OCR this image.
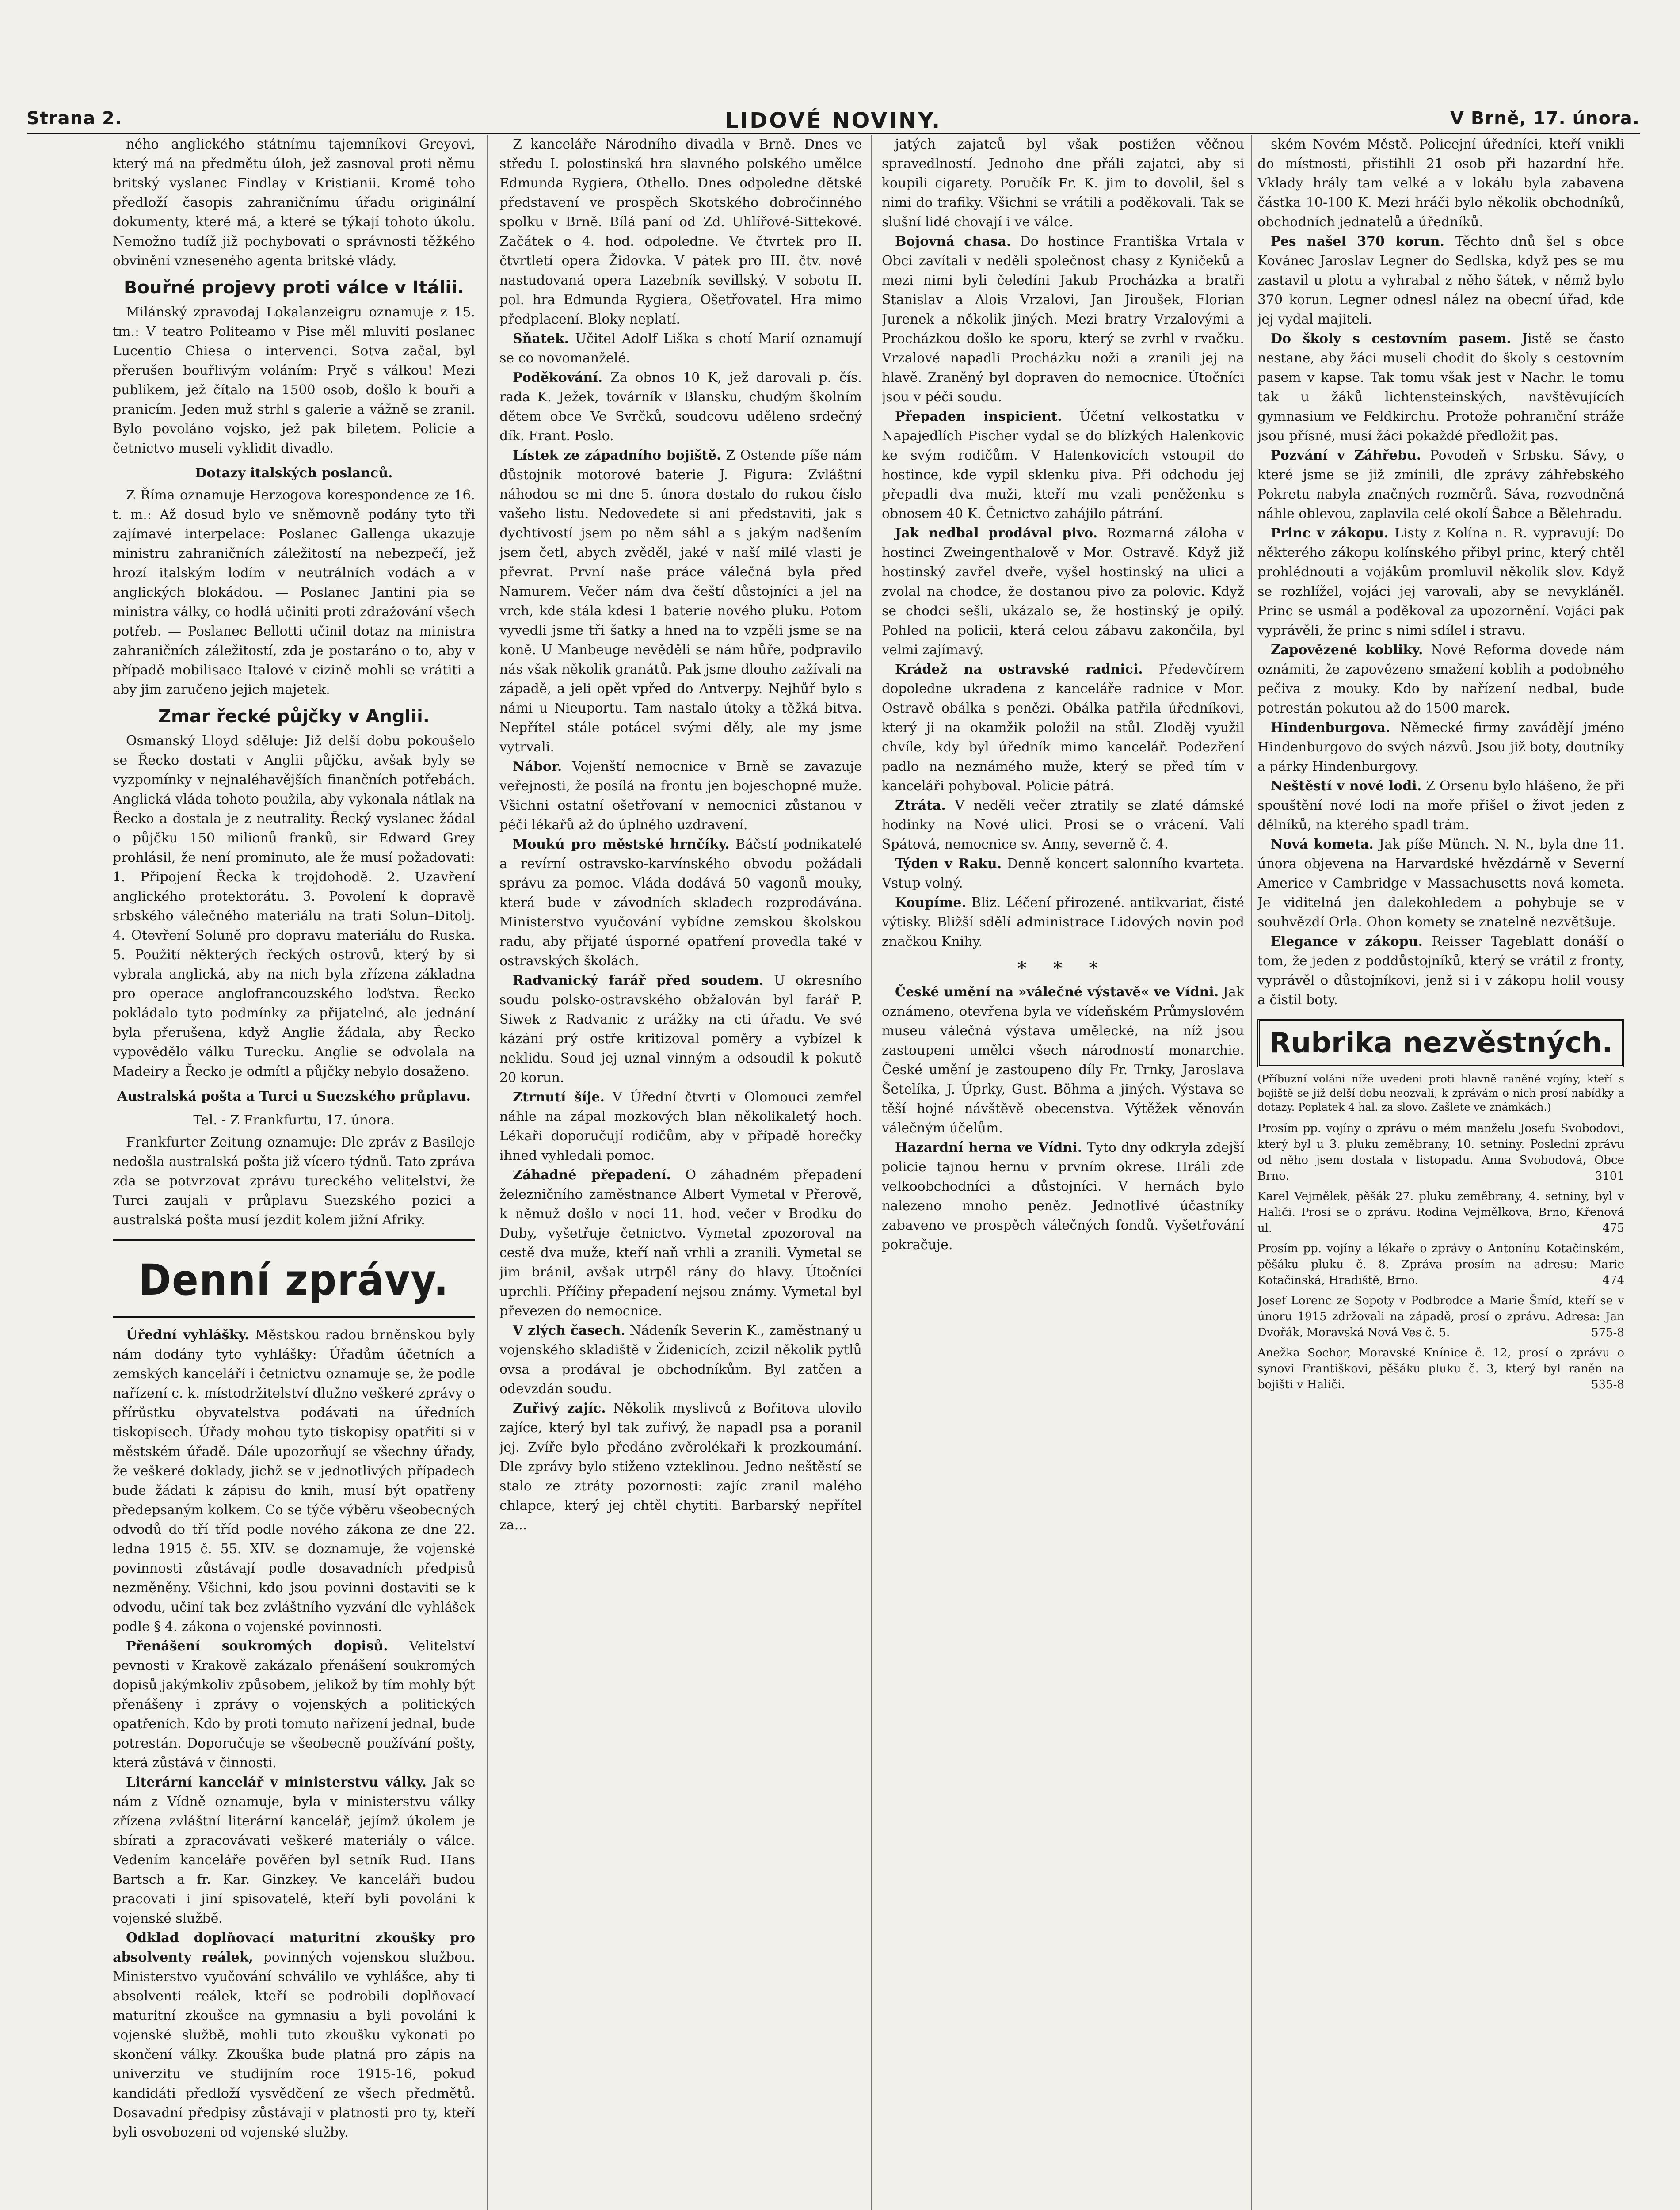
LIDOVÉ NOVINY.
Strana 2.	V Brně, 17. února.

ného anglického státnímu tajemníkovi Greyovi, který má na předmětu úloh, jež zasnoval proti němu britský vyslanec Findlay v Kristianii. Kromě toho předloží časopis zahraničnímu úřadu originální dokumenty, které má, a které se týkají tohoto úkolu. Nemožno tudíž již pochybovati o správnosti těžkého obvinění vzneseného agenta britské vlády.

Bouřné projevy proti válce v Itálii.

Milánský zpravodaj Lokalanzeigru oznamuje z 15. tm.: V teatro Politeamo v Pise měl mluviti poslanec Lucentio Chiesa o intervenci. Sotva začal, byl přerušen bouřlivým voláním: Pryč s válkou! Mezi publikem, jež čítalo na 1500 osob, došlo k bouři a pranicím. Jeden muž strhl s galerie a vážně se zranil. Bylo povoláno vojsko, jež pak biletem. Policie a četnictvo museli vyklidit divadlo.

Dotazy italských poslanců.

Z Říma oznamuje Herzogova korespondence ze 16. t. m.: Až dosud bylo ve sněmovně podány tyto tři zajímavé interpelace: Poslanec Gallenga ukazuje ministru zahraničních záležitostí na nebezpečí, jež hrozí italským lodím v neutrálních vodách a v anglických blokádou. — Poslanec Jantini pia se ministra války, co hodlá učiniti proti zdražování všech potřeb. — Poslanec Bellotti učinil dotaz na ministra zahraničních záležitostí, zda je postaráno o to, aby v případě mobilisace Italové v cizině mohli se vrátiti a aby jim zaručeno jejich majetek.

Zmar řecké půjčky v Anglii.

Osmanský Lloyd sděluje: Již delší dobu pokoušelo se Řecko dostati v Anglii půjčku, avšak byly se vyzpomínky v nejnaléhavějších finančních potřebách. Anglická vláda tohoto použila, aby vykonala nátlak na Řecko a dostala je z neutrality. Řecký vyslanec žádal o půjčku 150 milionů franků, sir Edward Grey prohlásil, že není prominuto, ale že musí požadovati: 1. Připojení Řecka k trojdohodě. 2. Uzavření anglického protektorátu. 3. Povolení k dopravě srbského válečného materiálu na trati Solun–Ditolj. 4. Otevření Soluně pro dopravu materiálu do Ruska. 5. Použití některých řeckých ostrovů, který by si vybrala anglická, aby na nich byla zřízena základna pro operace anglofrancouzského loďstva. Řecko pokládalo tyto podmínky za přijatelné, ale jednání byla přerušena, když Anglie žádala, aby Řecko vypovědělo válku Turecku. Anglie se odvolala na Madeiry a Řecko je odmítl a půjčky nebylo dosaženo.

Australská pošta a Turci u Suezského průplavu.
Tel. - Z Frankfurtu, 17. února.

Frankfurter Zeitung oznamuje: Dle zpráv z Basileje nedošla australská pošta již vícero týdnů. Tato zpráva zda se potvrzovat zprávu tureckého velitelství, že Turci zaujali v průplavu Suezského pozici a australská pošta musí jezdit kolem jižní Afriky.

Denní zprávy.

Úřední vyhlášky. Městskou radou brněnskou byly nám dodány tyto vyhlášky: Úřadům účetních a zemských kanceláří i četnictvu oznamuje se, že podle nařízení c. k. místodržitelství dlužno veškeré zprávy o přírůstku obyvatelstva podávati na úředních tiskopisech. Úřady mohou tyto tiskopisy opatřiti si v městském úřadě. Dále upozorňují se všechny úřady, že veškeré doklady, jichž se v jednotlivých případech bude žádati k zápisu do knih, musí být opatřeny předepsaným kolkem. Co se týče výběru všeobecných odvodů do tří tříd podle nového zákona ze dne 22. ledna 1915 č. 55. XIV. se doznamuje, že vojenské povinnosti zůstávají podle dosavadních předpisů nezměněny. Všichni, kdo jsou povinni dostaviti se k odvodu, učiní tak bez zvláštního vyzvání dle vyhlášek podle § 4. zákona o vojenské povinnosti.

Přenášení soukromých dopisů. Velitelství pevnosti v Krakově zakázalo přenášení soukromých dopisů jakýmkoliv způsobem, jelikož by tím mohly být přenášeny i zprávy o vojenských a politických opatřeních. Kdo by proti tomuto nařízení jednal, bude potrestán. Doporučuje se všeobecně používání pošty, která zůstává v činnosti.

Literární kancelář v ministerstvu války. Jak se nám z Vídně oznamuje, byla v ministerstvu války zřízena zvláštní literární kancelář, jejímž úkolem je sbírati a zpracovávati veškeré materiály o válce. Vedením kanceláře pověřen byl setník Rud. Hans Bartsch a fr. Kar. Ginzkey. Ve kanceláři budou pracovati i jiní spisovatelé, kteří byli povoláni k vojenské službě.

Odklad doplňovací maturitní zkoušky pro absolventy reálek, povinných vojenskou službou. Ministerstvo vyučování schválilo ve vyhlášce, aby ti absolventi reálek, kteří se podrobili doplňovací maturitní zkoušce na gymnasiu a byli povoláni k vojenské službě, mohli tuto zkoušku vykonati po skončení války. Zkouška bude platná pro zápis na univerzitu ve studijním roce 1915-16, pokud kandidáti předloží vysvědčení ze všech předmětů. Dosavadní předpisy zůstávají v platnosti pro ty, kteří byli osvobozeni od vojenské služby.

Z kanceláře Národního divadla v Brně. Dnes ve středu I. polostinská hra slavného polského umělce Edmunda Rygiera, Othello. Dnes odpoledne dětské představení ve prospěch Skotského dobročinného spolku v Brně. Bílá paní od Zd. Uhlířové-Sittekové. Začátek o 4. hod. odpoledne. Ve čtvrtek pro II. čtvrtletí opera Židovka. V pátek pro III. čtv. nově nastudovaná opera Lazebník sevillský. V sobotu II. pol. hra Edmunda Rygiera, Ošetřovatel. Hra mimo předplacení. Bloky neplatí.

Sňatek. Učitel Adolf Liška s chotí Marií oznamují se co novomanželé.

Poděkování. Za obnos 10 K, jež darovali p. čís. rada K. Ježek, továrník v Blansku, chudým školním dětem obce Ve Svrčků, soudcovu uděleno srdečný dík. Frant. Poslo.

Lístek ze západního bojiště. Z Ostende píše nám důstojník motorové baterie J. Figura: Zvláštní náhodou se mi dne 5. února dostalo do rukou číslo vašeho listu. Nedovedete si ani představiti, jak s dychtivostí jsem po něm sáhl a s jakým nadšením jsem četl, abych zvěděl, jaké v naší milé vlasti je převrat. První naše práce válečná byla před Namurem. Večer nám dva čeští důstojníci a jel na vrch, kde stála kdesi 1 baterie nového pluku. Potom vyvedli jsme tři šatky a hned na to vzpěli jsme se na koně. U Manbeuge nevěděli se nám hůře, podpravilo nás však několik granátů. Pak jsme dlouho zažívali na západě, a jeli opět vpřed do Antverpy. Nejhůř bylo s námi u Nieuportu. Tam nastalo útoky a těžká bitva. Nepřítel stále potácel svými děly, ale my jsme vytrvali.

Nábor. Vojenští nemocnice v Brně se zavazuje veřejnosti, že posílá na frontu jen bojeschopné muže. Všichni ostatní ošetřovaní v nemocnici zůstanou v péči lékařů až do úplného uzdravení.

Moukú pro městské hrnčíky. Báčstí podnikatelé a revírní ostravsko-karvínského obvodu požádali správu za pomoc. Vláda dodává 50 vagonů mouky, která bude v závodních skladech rozprodávána. Ministerstvo vyučování vybídne zemskou školskou radu, aby přijaté úsporné opatření provedla také v ostravských školách.

Radvanický farář před soudem. U okresního soudu polsko-ostravského obžalován byl farář P. Siwek z Radvanic z urážky na cti úřadu. Ve své kázání prý ostře kritizoval poměry a vybízel k neklidu. Soud jej uznal vinným a odsoudil k pokutě 20 korun.

Ztrnutí šíje. V Úřední čtvrti v Olomouci zemřel náhle na zápal mozkových blan několikaletý hoch. Lékaři doporučují rodičům, aby v případě horečky ihned vyhledali pomoc.

Záhadné přepadení. O záhadném přepadení železničního zaměstnance Albert Vymetal v Přerově, k němuž došlo v noci 11. hod. večer v Brodku do Duby, vyšetřuje četnictvo. Vymetal zpozoroval na cestě dva muže, kteří naň vrhli a zranili. Vymetal se jim bránil, avšak utrpěl rány do hlavy. Útočníci uprchli. Příčiny přepadení nejsou známy. Vymetal byl převezen do nemocnice.

V zlých časech. Nádeník Severin K., zaměstnaný u vojenského skladiště v Židenicích, zcizil několik pytlů ovsa a prodával je obchodníkům. Byl zatčen a odevzdán soudu.

Zuřivý zajíc. Několik myslivců z Bořitova ulovilo zajíce, který byl tak zuřivý, že napadl psa a poranil jej. Zvíře bylo předáno zvěrolékaři k prozkoumání. Dle zprávy bylo stiženo vzteklinou. Jedno neštěstí se stalo ze ztráty pozornosti: zajíc zranil malého chlapce, který jej chtěl chytiti. Barbarský nepřítel za...

jatých zajatců byl však postižen věčnou spravedlností. Jednoho dne přáli zajatci, aby si koupili cigarety. Poručík Fr. K. jim to dovolil, šel s nimi do trafiky. Všichni se vrátili a poděkovali. Tak se slušní lidé chovají i ve válce.

Bojovná chasa. Do hostince Františka Vrtala v Obci zavítali v neděli společnost chasy z Kyničeků a mezi nimi byli čeledíni Jakub Procházka a bratři Stanislav a Alois Vrzalovi, Jan Jiroušek, Florian Jurenek a několik jiných. Mezi bratry Vrzalovými a Procházkou došlo ke sporu, který se zvrhl v rvačku. Vrzalové napadli Procházku noži a zranili jej na hlavě. Zraněný byl dopraven do nemocnice. Útočníci jsou v péči soudu.

Přepaden inspicient. Účetní velkostatku v Napajedlích Pischer vydal se do blízkých Halenkovic ke svým rodičům. V Halenkovicích vstoupil do hostince, kde vypil sklenku piva. Při odchodu jej přepadli dva muži, kteří mu vzali peněženku s obnosem 40 K. Četnictvo zahájilo pátrání.

Jak nedbal prodával pivo. Rozmarná záloha v hostinci Zweingenthalově v Mor. Ostravě. Když již hostinský zavřel dveře, vyšel hostinský na ulici a zvolal na chodce, že dostanou pivo za polovic. Když se chodci sešli, ukázalo se, že hostinský je opilý. Pohled na policii, která celou zábavu zakončila, byl velmi zajímavý.

Krádež na ostravské radnici. Předevčírem dopoledne ukradena z kanceláře radnice v Mor. Ostravě obálka s penězi. Obálka patřila úředníkovi, který ji na okamžik položil na stůl. Zloděj využil chvíle, kdy byl úředník mimo kancelář. Podezření padlo na neznámého muže, který se před tím v kanceláři pohyboval. Policie pátrá.

Ztráta. V neděli večer ztratily se zlaté dámské hodinky na Nové ulici. Prosí se o vrácení. Valí Spátová, nemocnice sv. Anny, severně č. 4.

Týden v Raku. Denně koncert salonního kvarteta. Vstup volný.

Koupíme. Bliz. Léčení přirozené. antikvariat, čisté výtisky. Bližší sdělí administrace Lidových novin pod značkou Knihy.

* * *

České umění na »válečné výstavě« ve Vídni. Jak oznámeno, otevřena byla ve vídeňském Průmyslovém museu válečná výstava umělecké, na níž jsou zastoupeni umělci všech národností monarchie. České umění je zastoupeno díly Fr. Trnky, Jaroslava Šetelíka, J. Úprky, Gust. Böhma a jiných. Výstava se těší hojné návštěvě obecenstva. Výtěžek věnován válečným účelům.

Hazardní herna ve Vídni. Tyto dny odkryla zdejší policie tajnou hernu v prvním okrese. Hráli zde velkoobchodníci a důstojníci. V hernách bylo nalezeno mnoho peněz. Jednotlivé účastníky zabaveno ve prospěch válečných fondů. Vyšetřování pokračuje.

ském Novém Městě. Policejní úředníci, kteří vnikli do místnosti, přistihli 21 osob při hazardní hře. Vklady hrály tam velké a v lokálu byla zabavena částka 10-100 K. Mezi hráči bylo několik obchodníků, obchodních jednatelů a úředníků.

Pes našel 370 korun. Těchto dnů šel s obce Kovánec Jaroslav Legner do Sedlska, když pes se mu zastavil u plotu a vyhrabal z něho šátek, v němž bylo 370 korun. Legner odnesl nález na obecní úřad, kde jej vydal majiteli.

Do školy s cestovním pasem. Jistě se často nestane, aby žáci museli chodit do školy s cestovním pasem v kapse. Tak tomu však jest v Nachr. le tomu tak u žáků lichtensteinských, navštěvujících gymnasium ve Feldkirchu. Protože pohraniční stráže jsou přísné, musí žáci pokaždé předložit pas.

Pozvání v Záhřebu. Povodeň v Srbsku. Sávy, o které jsme se již zmínili, dle zprávy záhřebského Pokretu nabyla značných rozměrů. Sáva, rozvodněná náhle oblevou, zaplavila celé okolí Šabce a Bělehradu.

Princ v zákopu. Listy z Kolína n. R. vypravují: Do některého zákopu kolínského přibyl princ, který chtěl prohlédnouti a vojákům promluvil několik slov. Když se rozhlížel, vojáci jej varovali, aby se nevykláněl. Princ se usmál a poděkoval za upozornění. Vojáci pak vyprávěli, že princ s nimi sdílel i stravu.

Zapovězené kobliky. Nové Reforma dovede nám oznámiti, že zapovězeno smažení koblih a podobného pečiva z mouky. Kdo by nařízení nedbal, bude potrestán pokutou až do 1500 marek.

Hindenburgova. Německé firmy zavádějí jméno Hindenburgovo do svých názvů. Jsou již boty, doutníky a párky Hindenburgovy.

Neštěstí v nové lodi. Z Orsenu bylo hlášeno, že při spouštění nové lodi na moře přišel o život jeden z dělníků, na kterého spadl trám.

Nová kometa. Jak píše Münch. N. N., byla dne 11. února objevena na Harvardské hvězdárně v Severní Americe v Cambridge v Massachusetts nová kometa. Je viditelná jen dalekohledem a pohybuje se v souhvězdí Orla. Ohon komety se znatelně nezvětšuje.

Elegance v zákopu. Reisser Tageblatt donáší o tom, že jeden z poddůstojníků, který se vrátil z fronty, vyprávěl o důstojníkovi, jenž si i v zákopu holil vousy a čistil boty.

Rubrika nezvěstných.
(Příbuzní voláni níže uvedeni proti hlavně raněné vojíny, kteří s bojiště se již delší dobu neozvali, k zprávám o nich prosí nabídky a dotazy. Poplatek 4 hal. za slovo. Zašlete ve známkách.)
Prosím pp. vojíny o zprávu o mém manželu Josefu Svobodovi, který byl u 3. pluku zeměbrany, 10. setniny. Poslední zprávu od něho jsem dostala v listopadu. Anna Svobodová, Obce Brno.	3101
Karel Vejmělek, pěšák 27. pluku zeměbrany, 4. setniny, byl v Haliči. Prosí se o zprávu. Rodina Vejmělkova, Brno, Křenová ul.	475
Prosím pp. vojíny a lékaře o zprávy o Antonínu Kotačinském, pěšáku pluku č. 8. Zpráva prosím na adresu: Marie Kotačinská, Hradiště, Brno.	474
Josef Lorenc ze Sopoty v Podbrodce a Marie Šmíd, kteří se v únoru 1915 zdržovali na západě, prosí o zprávu. Adresa: Jan Dvořák, Moravská Nová Ves č. 5.	575-8
Anežka Sochor, Moravské Knínice č. 12, prosí o zprávu o synovi Františkovi, pěšáku pluku č. 3, který byl raněn na bojišti v Haliči.	535-8
